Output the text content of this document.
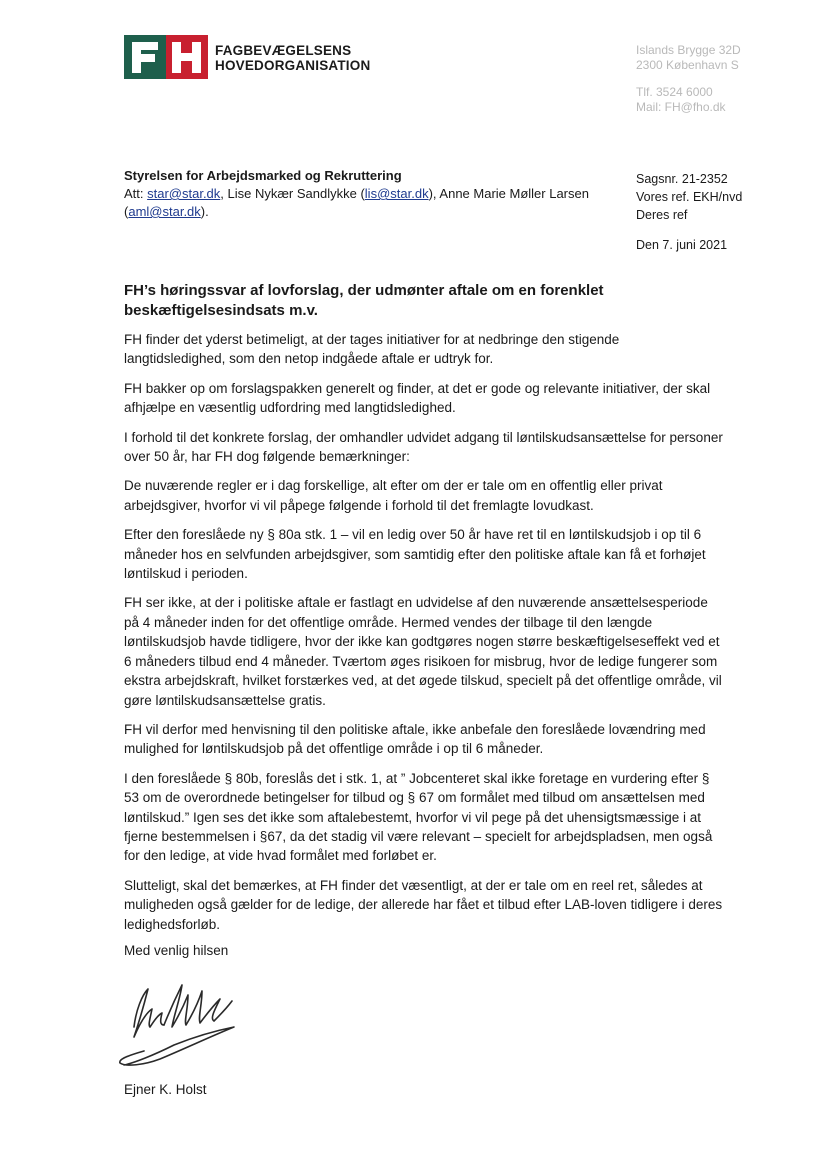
FAGBEVÆGELSENS
HOVEDORGANISATION
Islands Brygge 32D
2300 København S
Tlf. 3524 6000
Mail: FH@fho.dk
Styrelsen for Arbejdsmarked og Rekruttering
Att: star@star.dk, Lise Nykær Sandlykke (lis@star.dk), Anne Marie Møller Larsen
(aml@star.dk).
Sagsnr. 21-2352
Vores ref. EKH/nvd
Deres ref
Den 7. juni 2021
FH’s høringssvar af lovforslag, der udmønter aftale om en forenklet beskæftigelsesindsats m.v.

FH finder det yderst betimeligt, at der tages initiativer for at nedbringe den stigende langtidsledighed, som den netop indgåede aftale er udtryk for.

FH bakker op om forslagspakken generelt og finder, at det er gode og relevante initiativer, der skal afhjælpe en væsentlig udfordring med langtidsledighed.

I forhold til det konkrete forslag, der omhandler udvidet adgang til løntilskudsansættelse for personer over 50 år, har FH dog følgende bemærkninger:

De nuværende regler er i dag forskellige, alt efter om der er tale om en offentlig eller privat arbejdsgiver, hvorfor vi vil påpege følgende i forhold til det fremlagte lovudkast.

Efter den foreslåede ny § 80a stk. 1 – vil en ledig over 50 år have ret til en løntilskudsjob i op til 6 måneder hos en selvfunden arbejdsgiver, som samtidig efter den politiske aftale kan få et forhøjet løntilskud i perioden.

FH ser ikke, at der i politiske aftale er fastlagt en udvidelse af den nuværende ansættelsesperiode på 4 måneder inden for det offentlige område. Hermed vendes der tilbage til den længde løntilskudsjob havde tidligere, hvor der ikke kan godtgøres nogen større beskæftigelseseffekt ved et 6 måneders tilbud end 4 måneder. Tværtom øges risikoen for misbrug, hvor de ledige fungerer som ekstra arbejdskraft, hvilket forstærkes ved, at det øgede tilskud, specielt på det offentlige område, vil gøre løntilskudsansættelse gratis.

FH vil derfor med henvisning til den politiske aftale, ikke anbefale den foreslåede lovændring med mulighed for løntilskudsjob på det offentlige område i op til 6 måneder.

I den foreslåede § 80b, foreslås det i stk. 1, at ” Jobcenteret skal ikke foretage en vurdering efter § 53 om de overordnede betingelser for tilbud og § 67 om formålet med tilbud om ansættelsen med løntilskud.” Igen ses det ikke som aftalebestemt, hvorfor vi vil pege på det uhensigtsmæssige i at fjerne bestemmelsen i §67, da det stadig vil være relevant – specielt for arbejdspladsen, men også for den ledige, at vide hvad formålet med forløbet er.

Slutteligt, skal det bemærkes, at FH finder det væsentligt, at der er tale om en reel ret, således at muligheden også gælder for de ledige, der allerede har fået et tilbud efter LAB-loven tidligere i deres ledighedsforløb.

Med venlig hilsen
Ejner K. Holst
